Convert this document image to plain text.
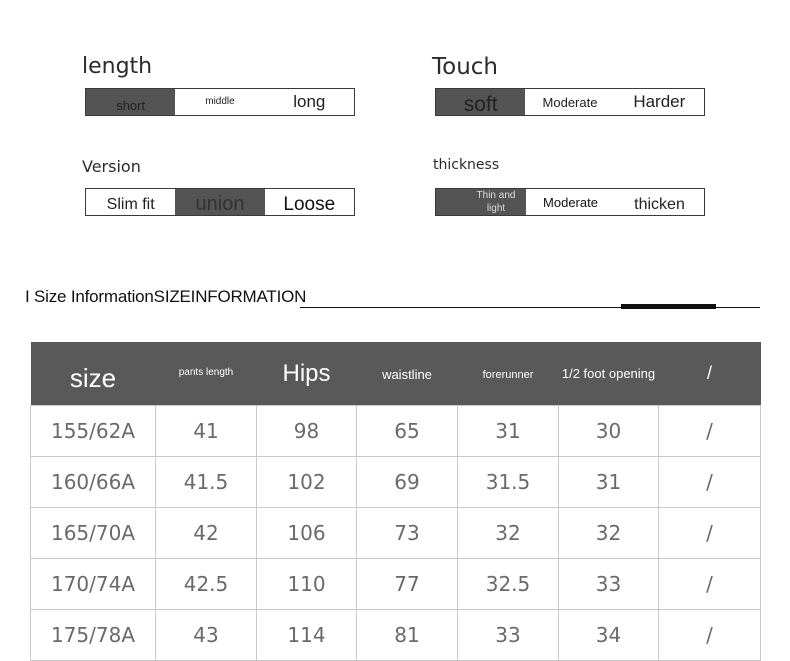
length
short	middle	long
Touch
soft	Moderate Harder
Version
Slim fit union Loose
thickness
Thin and light	Moderate thicken
I Size InformationSIZEINFORMATION
size	pants length	Hips	waistline	forerunner	1/2 foot opening	/
155/62A	41	98	65	31	30	/
160/66A	41.5	102	69	31.5	31	/
165/70A	42	106	73	32	32	/
170/74A	42.5	110	77	32.5	33	/
175/78A	43	114	81	33	34	/
